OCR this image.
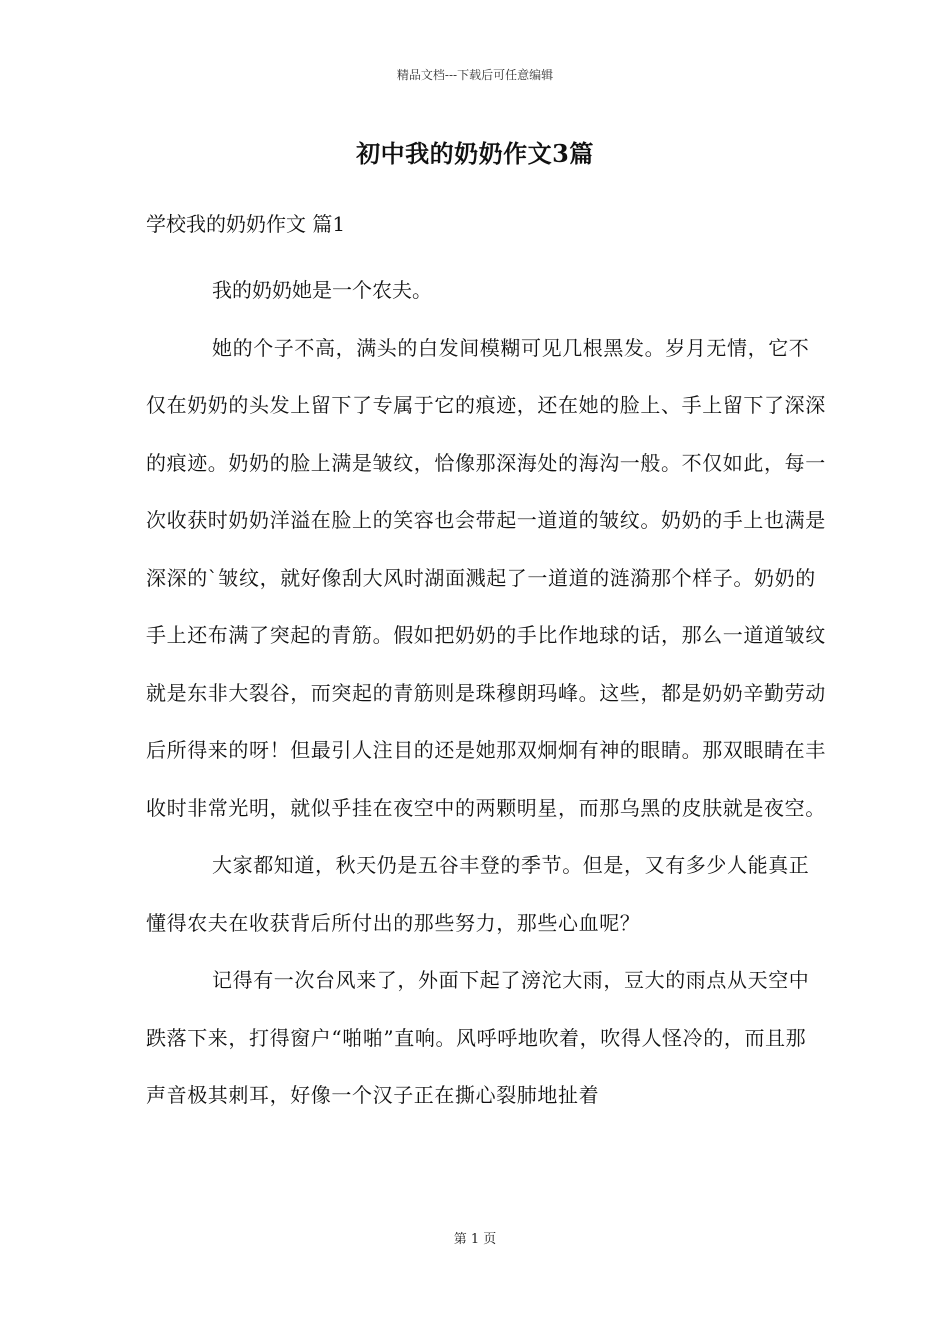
精品文档---下载后可任意编辑
初中我的奶奶作文3篇
学校我的奶奶作文 篇1

我的奶奶她是一个农夫。

她的个子不高，满头的白发间模糊可见几根黑发。岁月无情，它不仅在奶奶的头发上留下了专属于它的痕迹，还在她的脸上、手上留下了深深的痕迹。奶奶的脸上满是皱纹，恰像那深海处的海沟一般。不仅如此，每一次收获时奶奶洋溢在脸上的笑容也会带起一道道的皱纹。奶奶的手上也满是深深的`皱纹，就好像刮大风时湖面溅起了一道道的涟漪那个样子。奶奶的手上还布满了突起的青筋。假如把奶奶的手比作地球的话，那么一道道皱纹就是东非大裂谷，而突起的青筋则是珠穆朗玛峰。这些，都是奶奶辛勤劳动后所得来的呀！但最引人注目的还是她那双炯炯有神的眼睛。那双眼睛在丰收时非常光明，就似乎挂在夜空中的两颗明星，而那乌黑的皮肤就是夜空。

大家都知道，秋天仍是五谷丰登的季节。但是，又有多少人能真正懂得农夫在收获背后所付出的那些努力，那些心血呢？

记得有一次台风来了，外面下起了滂沱大雨，豆大的雨点从天空中跌落下来，打得窗户“啪啪”直响。风呼呼地吹着，吹得人怪冷的，而且那声音极其刺耳，好像一个汉子正在撕心裂肺地扯着

第 1 页
